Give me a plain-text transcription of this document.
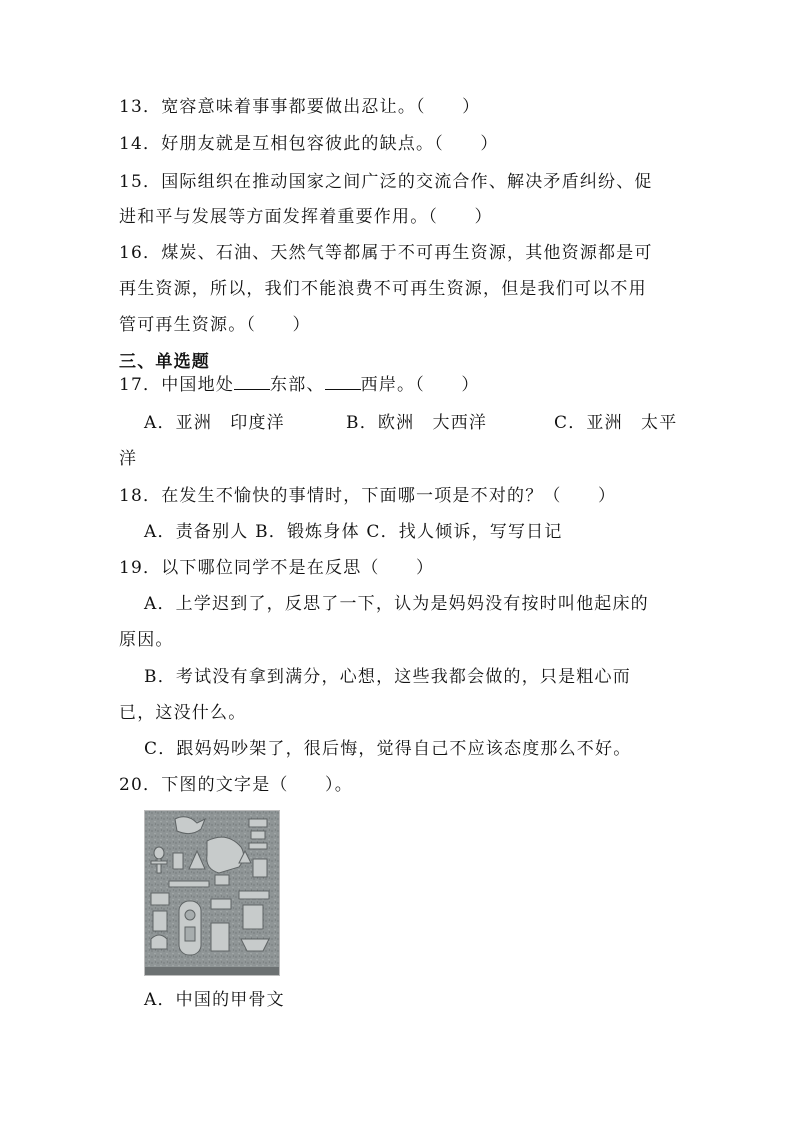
13．宽容意味着事事都要做出忍让。（　　）
14．好朋友就是互相包容彼此的缺点。（　　）
15．国际组织在推动国家之间广泛的交流合作、解决矛盾纠纷、促
进和平与发展等方面发挥着重要作用。（　　）
16．煤炭、石油、天然气等都属于不可再生资源，其他资源都是可
再生资源，所以，我们不能浪费不可再生资源，但是我们可以不用
管可再生资源。（　　）
三、单选题
17．中国地处 东部、 西岸。（　　）
A．亚洲　印度洋	B．欧洲　大西洋	C．亚洲　太平
洋
18．在发生不愉快的事情时，下面哪一项是不对的？（　　）
A．责备别人 B．锻炼身体 C．找人倾诉，写写日记
19．以下哪位同学不是在反思（　　）
A．上学迟到了，反思了一下，认为是妈妈没有按时叫他起床的
原因。
B．考试没有拿到满分，心想，这些我都会做的，只是粗心而
已，这没什么。
C．跟妈妈吵架了，很后悔，觉得自己不应该态度那么不好。
20．下图的文字是（　　）。
A．中国的甲骨文
